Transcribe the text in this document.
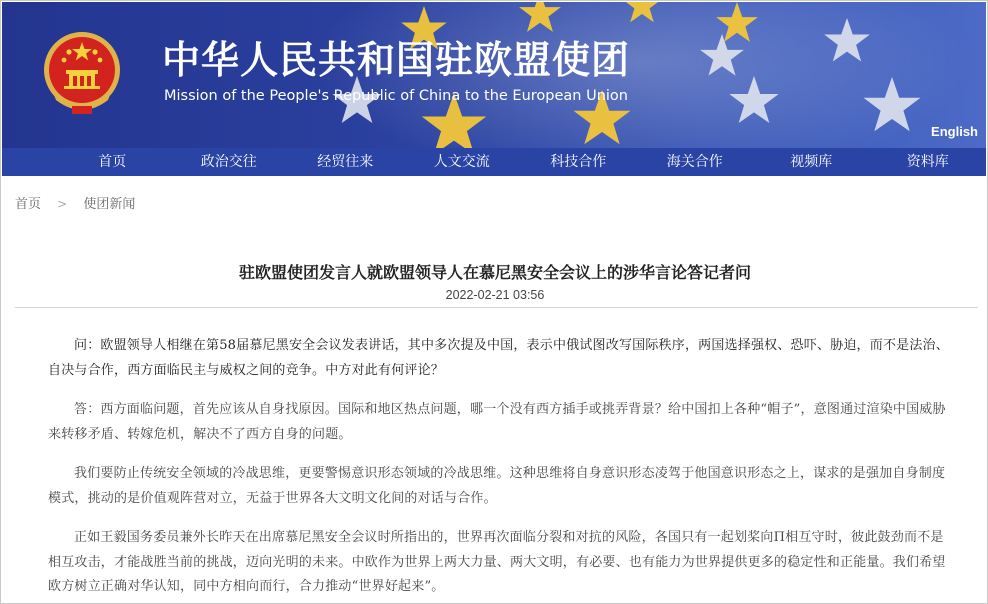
中华人民共和国驻欧盟使团
Mission of the People's Republic of China to the European Union
English
首页	政治交往	经贸往来	人文交流	科技合作	海关合作	视频库	资料库
首页 > 使团新闻
驻欧盟使团发言人就欧盟领导人在慕尼黑安全会议上的涉华言论答记者问
2022-02-21 03:56

问：欧盟领导人相继在第58届慕尼黑安全会议发表讲话，其中多次提及中国，表示中俄试图改写国际秩序，两国选择强权、恐吓、胁迫，而不是法治、自决与合作，西方面临民主与威权之间的竞争。中方对此有何评论？

答：西方面临问题，首先应该从自身找原因。国际和地区热点问题，哪一个没有西方插手或挑弄背景？给中国扣上各种“帽子”，意图通过渲染中国威胁来转移矛盾、转嫁危机，解决不了西方自身的问题。

我们要防止传统安全领域的冷战思维，更要警惕意识形态领域的冷战思维。这种思维将自身意识形态凌驾于他国意识形态之上，谋求的是强加自身制度模式，挑动的是价值观阵营对立，无益于世界各大文明文化间的对话与合作。

正如王毅国务委员兼外长昨天在出席慕尼黑安全会议时所指出的，世界再次面临分裂和对抗的风险，各国只有一起划桨向П相互守时，彼此鼓劲而不是相互攻击，才能战胜当前的挑战，迈向光明的未来。中欧作为世界上两大力量、两大文明，有必要、也有能力为世界提供更多的稳定性和正能量。我们希望欧方树立正确对华认知，同中方相向而行，合力推动“世界好起来”。
